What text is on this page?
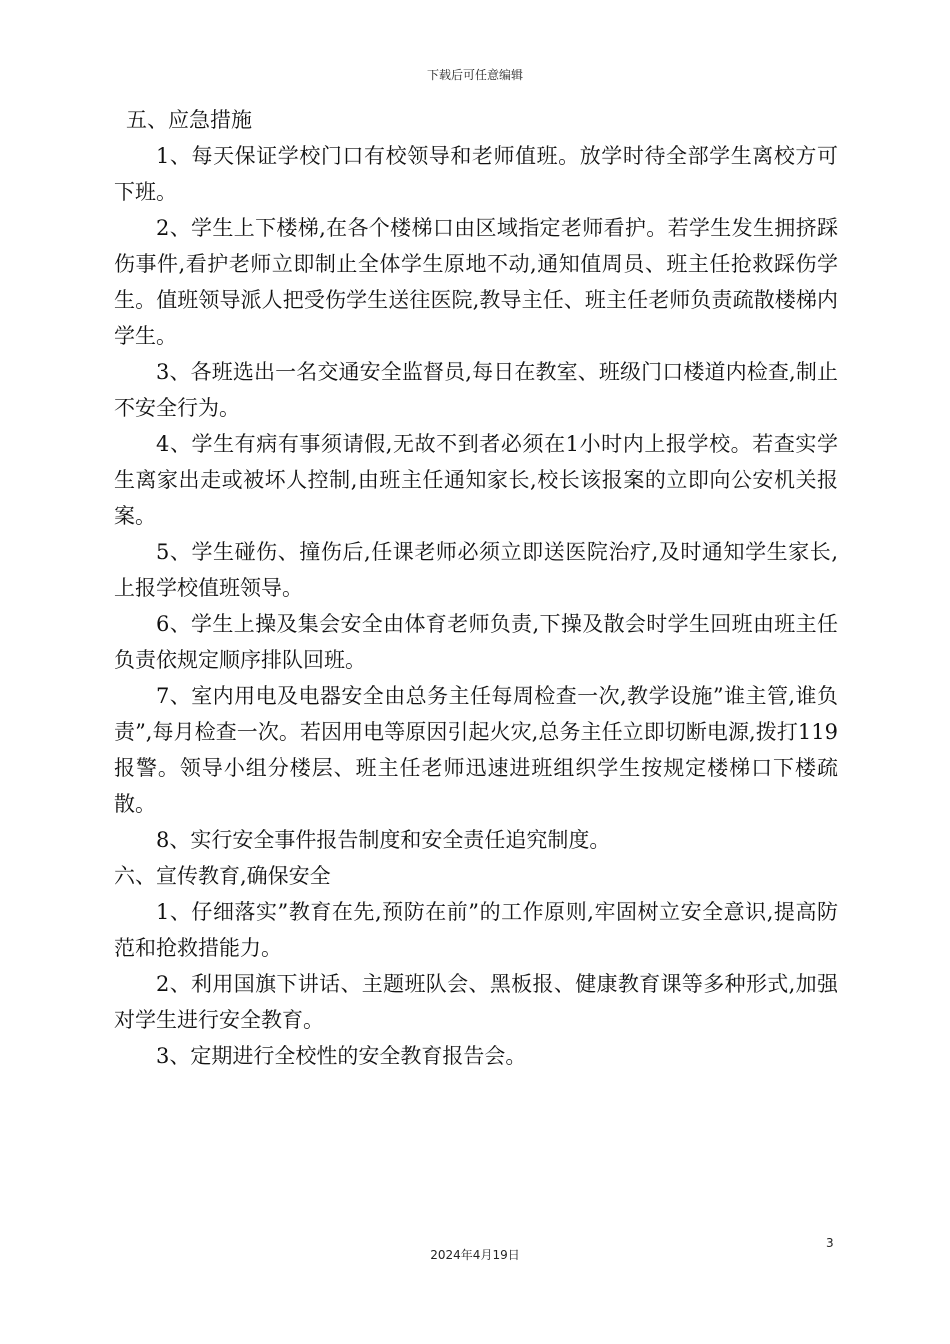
下载后可任意编辑

五、应急措施

1、每天保证学校门口有校领导和老师值班。放学时待全部学生离校方可下班。

2、学生上下楼梯,在各个楼梯口由区域指定老师看护。若学生发生拥挤踩伤事件,看护老师立即制止全体学生原地不动,通知值周员、班主任抢救踩伤学生。值班领导派人把受伤学生送往医院,教导主任、班主任老师负责疏散楼梯内学生。

3、各班选出一名交通安全监督员,每日在教室、班级门口楼道内检查,制止不安全行为。

4、学生有病有事须请假,无故不到者必须在1小时内上报学校。若查实学生离家出走或被坏人控制,由班主任通知家长,校长该报案的立即向公安机关报案。

5、学生碰伤、撞伤后,任课老师必须立即送医院治疗,及时通知学生家长,上报学校值班领导。

6、学生上操及集会安全由体育老师负责,下操及散会时学生回班由班主任负责依规定顺序排队回班。

7、室内用电及电器安全由总务主任每周检查一次,教学设施”谁主管,谁负责”,每月检查一次。若因用电等原因引起火灾,总务主任立即切断电源,拨打119报警。领导小组分楼层、班主任老师迅速进班组织学生按规定楼梯口下楼疏散。

8、实行安全事件报告制度和安全责任追究制度。

六、宣传教育,确保安全

1、仔细落实”教育在先,预防在前”的工作原则,牢固树立安全意识,提高防范和抢救措能力。

2、利用国旗下讲话、主题班队会、黑板报、健康教育课等多种形式,加强对学生进行安全教育。

3、定期进行全校性的安全教育报告会。

3
2024年4月19日
